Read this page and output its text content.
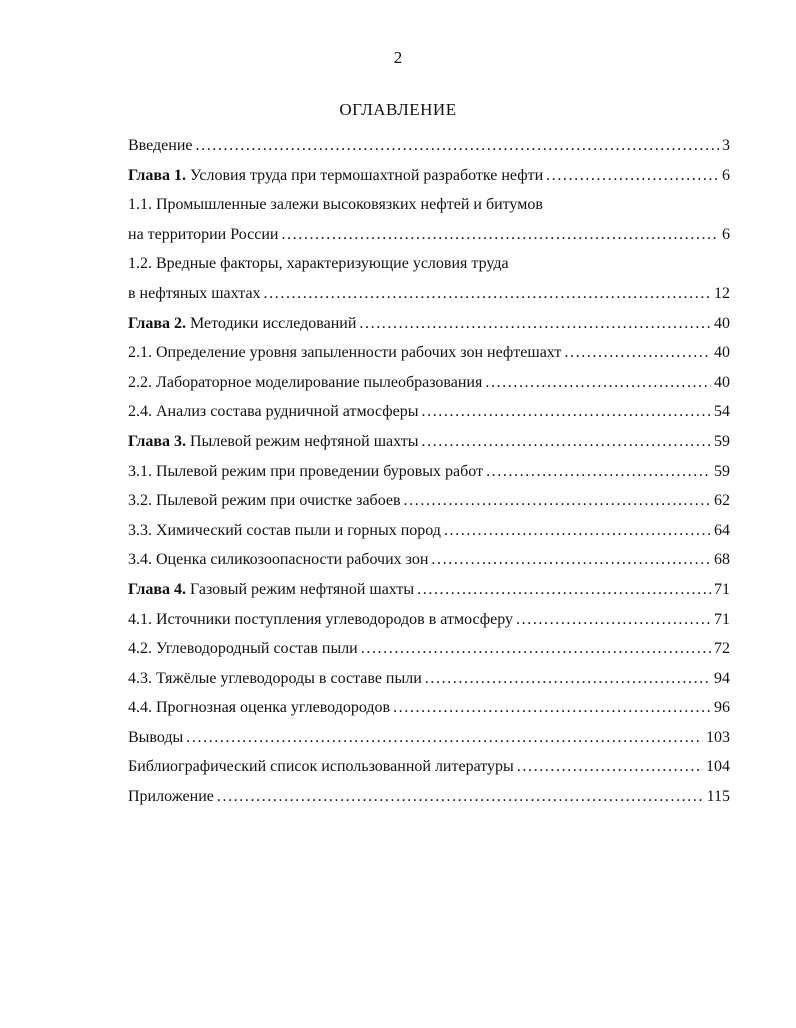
2
ОГЛАВЛЕНИЕ
Введение .....	3
Глава 1. Условия труда при термошахтной разработке нефти .....	6
1.1. Промышленные залежи высоковязких нефтей и битумов
на территории России .....	6
1.2. Вредные факторы, характеризующие условия труда
в нефтяных шахтах .....	12
Глава 2. Методики исследований .....	40
2.1. Определение уровня запыленности рабочих зон нефтешахт .....	40
2.2. Лабораторное моделирование пылеобразования .....	40
2.4. Анализ состава рудничной атмосферы .....	54
Глава 3. Пылевой режим нефтяной шахты .....	59
3.1. Пылевой режим при проведении буровых работ .....	59
3.2. Пылевой режим при очистке забоев .....	62
3.3. Химический состав пыли и горных пород .....	64
3.4. Оценка силикозоопасности рабочих зон .....	68
Глава 4. Газовый режим нефтяной шахты .....	71
4.1. Источники поступления углеводородов в атмосферу .....	71
4.2. Углеводородный состав пыли .....	72
4.3. Тяжёлые углеводороды в составе пыли .....	94
4.4. Прогнозная оценка углеводородов .....	96
Выводы .....	103
Библиографический список использованной литературы .....	104
Приложение .....	115
